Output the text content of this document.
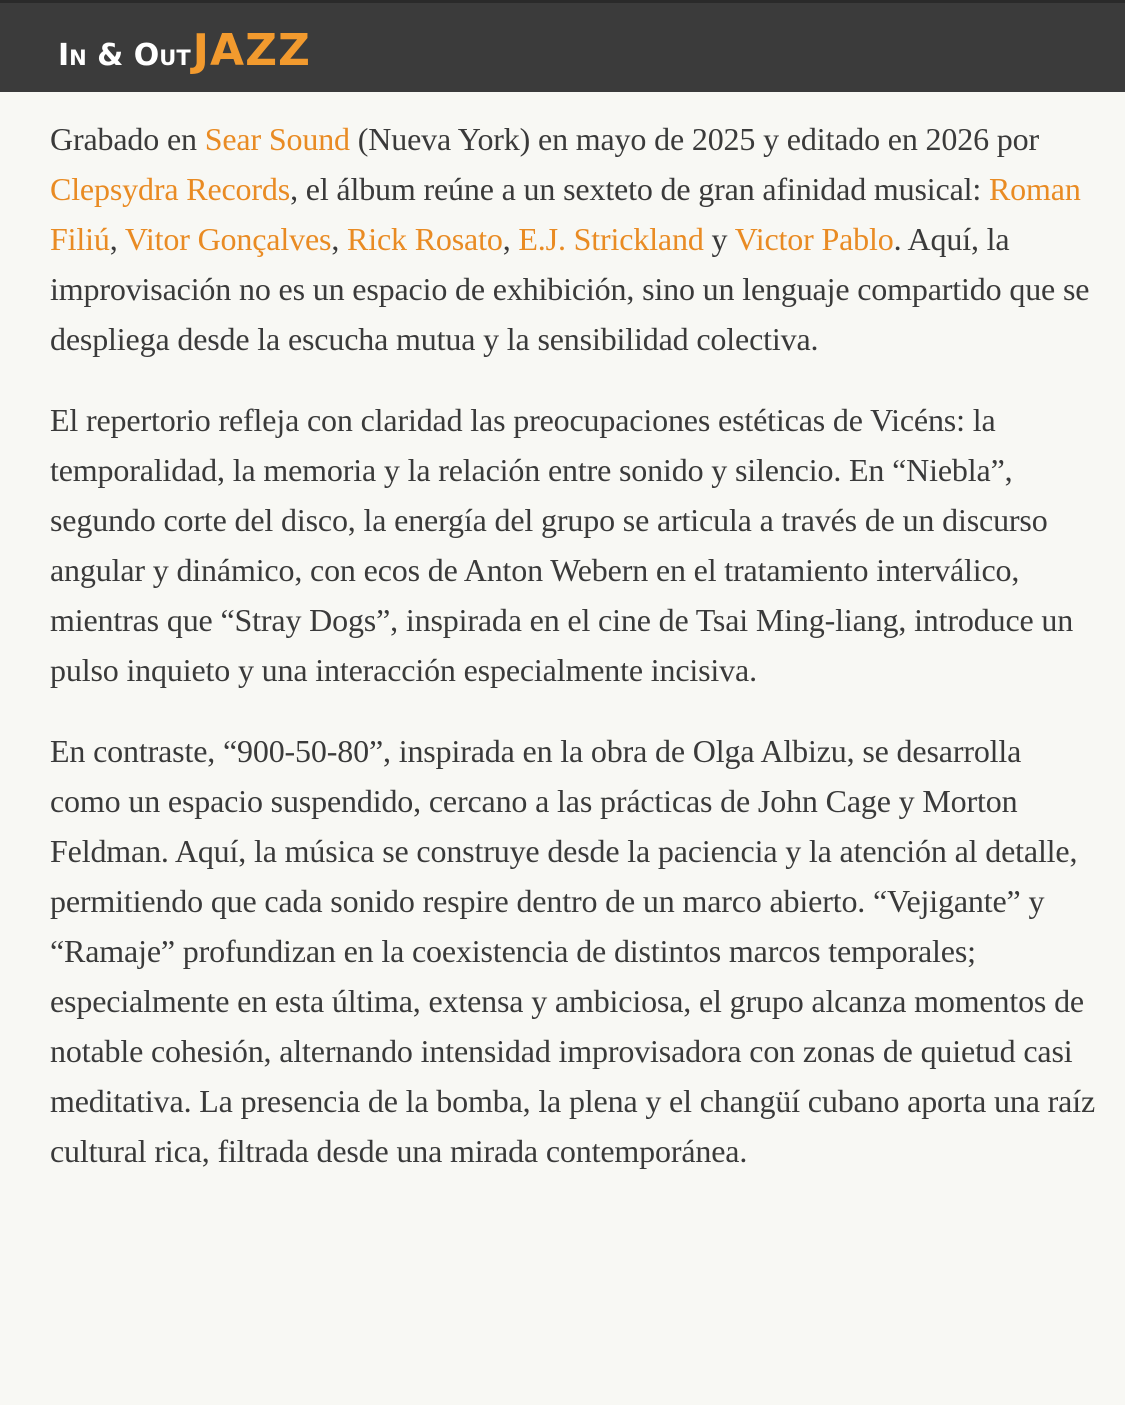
In & Out JAZZ

Grabado en Sear Sound (Nueva York) en mayo de 2025 y editado en 2026 por Clepsydra Records, el álbum reúne a un sexteto de gran afinidad musical: Roman Filiú, Vitor Gonçalves, Rick Rosato, E.J. Strickland y Victor Pablo. Aquí, la improvisación no es un espacio de exhibición, sino un lenguaje compartido que se despliega desde la escucha mutua y la sensibilidad colectiva.

El repertorio refleja con claridad las preocupaciones estéticas de Vicéns: la temporalidad, la memoria y la relación entre sonido y silencio. En “Niebla”, segundo corte del disco, la energía del grupo se articula a través de un discurso angular y dinámico, con ecos de Anton Webern en el tratamiento interválico, mientras que “Stray Dogs”, inspirada en el cine de Tsai Ming-liang, introduce un pulso inquieto y una interacción especialmente incisiva.

En contraste, “900-50-80”, inspirada en la obra de Olga Albizu, se desarrolla como un espacio suspendido, cercano a las prácticas de John Cage y Morton Feldman. Aquí, la música se construye desde la paciencia y la atención al detalle, permitiendo que cada sonido respire dentro de un marco abierto. “Vejigante” y “Ramaje” profundizan en la coexistencia de distintos marcos temporales; especialmente en esta última, extensa y ambiciosa, el grupo alcanza momentos de notable cohesión, alternando intensidad improvisadora con zonas de quietud casi meditativa. La presencia de la bomba, la plena y el changüí cubano aporta una raíz cultural rica, filtrada desde una mirada contemporánea.
